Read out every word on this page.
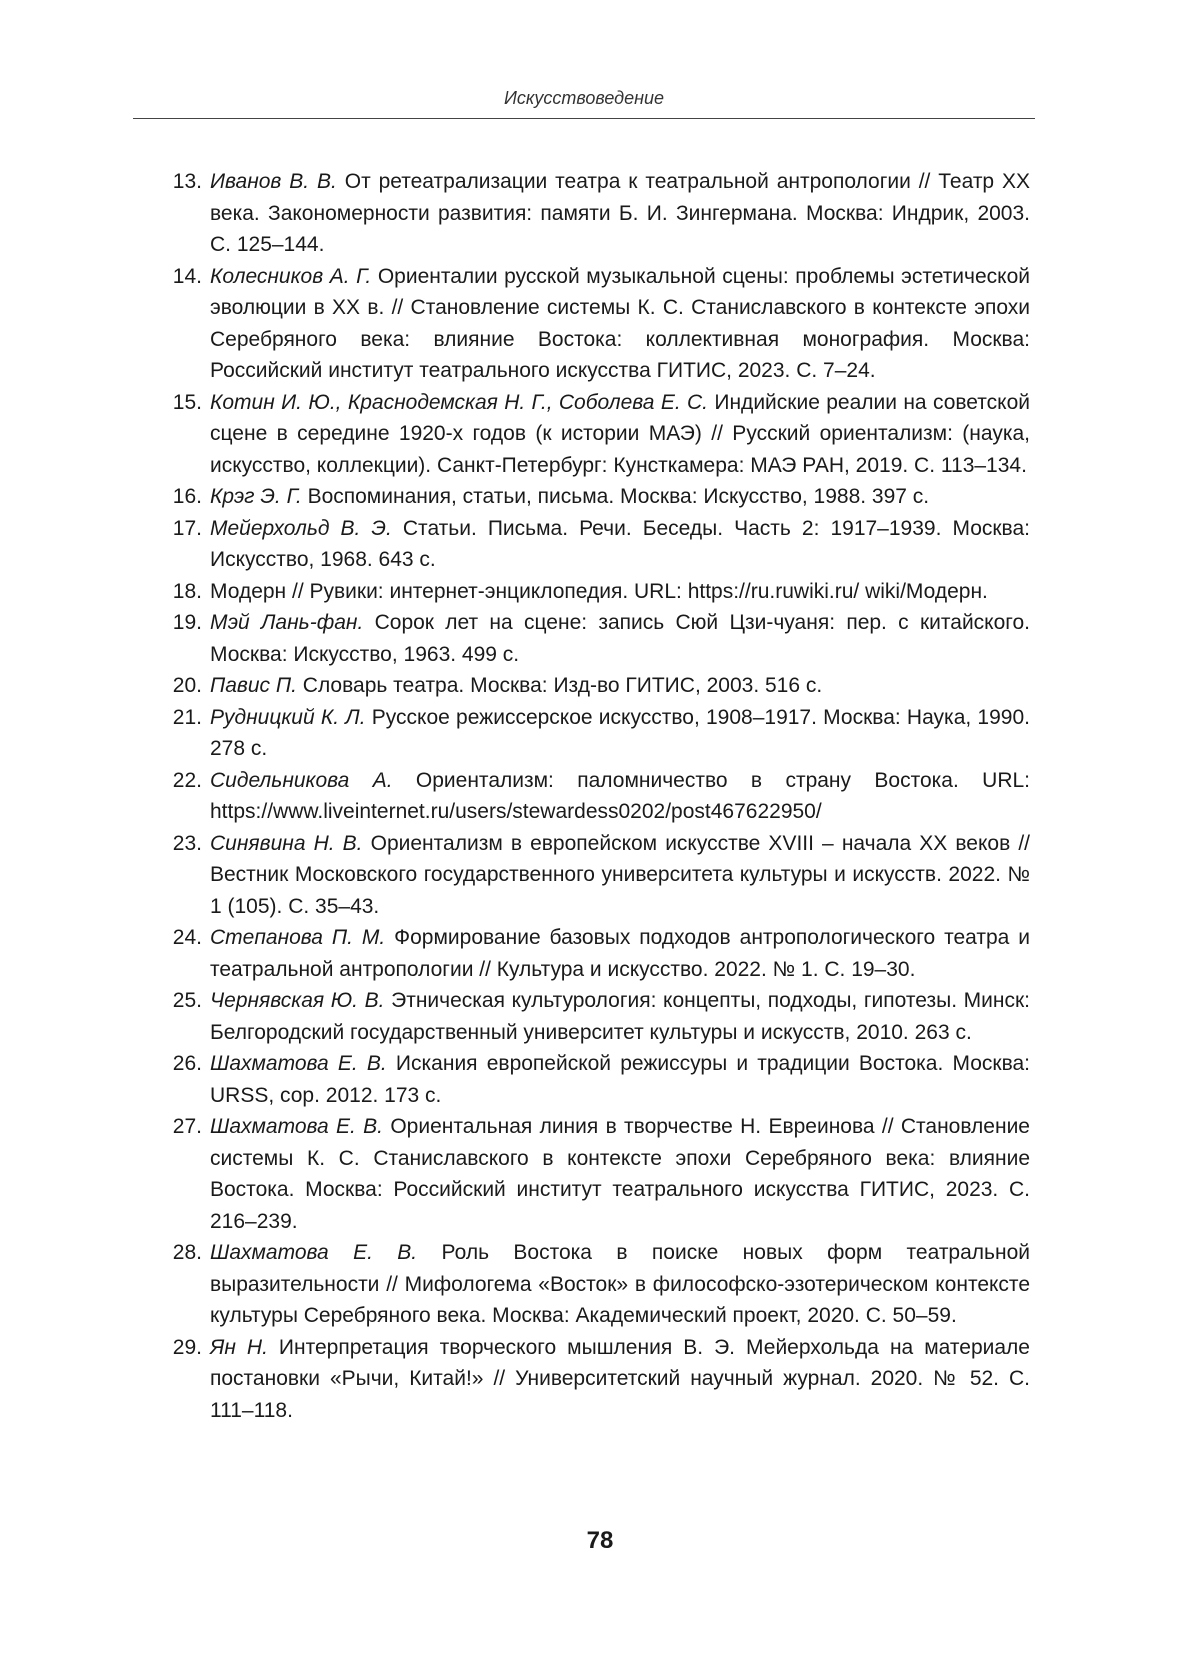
Искусствоведение
13. Иванов В. В. От ретеатрализации театра к театральной антропологии // Театр XX века. Закономерности развития: памяти Б. И. Зингермана. Москва: Индрик, 2003. С. 125–144.
14. Колесников А. Г. Ориенталии русской музыкальной сцены: проблемы эстетической эволюции в XX в. // Становление системы К. С. Станиславского в контексте эпохи Серебряного века: влияние Востока: коллективная монография. Москва: Российский институт театрального искусства ГИТИС, 2023. С. 7–24.
15. Котин И. Ю., Краснодемская Н. Г., Соболева Е. С. Индийские реалии на советской сцене в середине 1920-х годов (к истории МАЭ) // Русский ориентализм: (наука, искусство, коллекции). Санкт-Петербург: Кунсткамера: МАЭ РАН, 2019. С. 113–134.
16. Крэг Э. Г. Воспоминания, статьи, письма. Москва: Искусство, 1988. 397 с.
17. Мейерхольд В. Э. Статьи. Письма. Речи. Беседы. Часть 2: 1917–1939. Москва: Искусство, 1968. 643 с.
18. Модерн // Рувики: интернет-энциклопедия. URL: https://ru.ruwiki.ru/ wiki/Модерн.
19. Мэй Лань-фан. Сорок лет на сцене: запись Сюй Цзи-чуаня: пер. с китайского. Москва: Искусство, 1963. 499 с.
20. Павис П. Словарь театра. Москва: Изд-во ГИТИС, 2003. 516 с.
21. Рудницкий К. Л. Русское режиссерское искусство, 1908–1917. Москва: Наука, 1990. 278 с.
22. Сидельникова А. Ориентализм: паломничество в страну Востока. URL: https://www.liveinternet.ru/users/stewardess0202/post467622950/
23. Синявина Н. В. Ориентализм в европейском искусстве XVIII – начала XX веков // Вестник Московского государственного университета культуры и искусств. 2022. № 1 (105). С. 35–43.
24. Степанова П. М. Формирование базовых подходов антропологического театра и театральной антропологии // Культура и искусство. 2022. № 1. С. 19–30.
25. Чернявская Ю. В. Этническая культурология: концепты, подходы, гипотезы. Минск: Белгородский государственный университет культуры и искусств, 2010. 263 с.
26. Шахматова Е. В. Искания европейской режиссуры и традиции Востока. Москва: URSS, сор. 2012. 173 с.
27. Шахматова Е. В. Ориентальная линия в творчестве Н. Евреинова // Становление системы К. С. Станиславского в контексте эпохи Серебряного века: влияние Востока. Москва: Российский институт театрального искусства ГИТИС, 2023. С. 216–239.
28. Шахматова Е. В. Роль Востока в поиске новых форм театральной выразительности // Мифологема «Восток» в философско-эзотерическом контексте культуры Серебряного века. Москва: Академический проект, 2020. С. 50–59.
29. Ян Н. Интерпретация творческого мышления В. Э. Мейерхольда на материале постановки «Рычи, Китай!» // Университетский научный журнал. 2020. № 52. С. 111–118.
78
